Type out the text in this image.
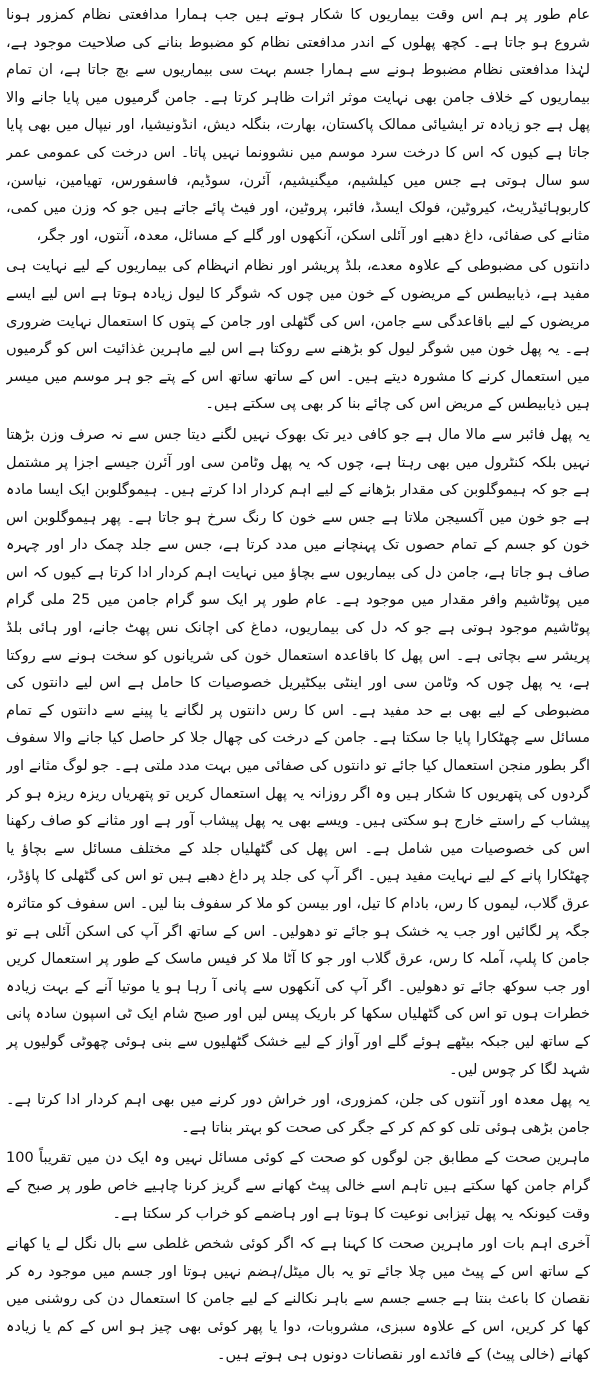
عام طور پر ہم اس وقت بیماریوں کا شکار ہوتے ہیں جب ہمارا مدافعتی نظام کمزور ہونا شروع ہو جاتا ہے۔ کچھ پھلوں کے اندر مدافعتی نظام کو مضبوط بنانے کی صلاحیت موجود ہے، لہٰذا مدافعتی نظام مضبوط ہونے سے ہمارا جسم بہت سی بیماریوں سے بچ جاتا ہے، ان تمام بیماریوں کے خلاف جامن بھی نہایت موثر اثرات ظاہر کرتا ہے۔ جامن گرمیوں میں پایا جانے والا پھل ہے جو زیادہ تر ایشیائی ممالک پاکستان، بھارت، بنگلہ دیش، انڈونیشیا، اور نیپال میں بھی پایا جاتا ہے کیوں کہ اس کا درخت سرد موسم میں نشوونما نہیں پاتا۔ اس درخت کی عمومی عمر سو سال ہوتی ہے جس میں کیلشیم، میگنیشیم، آئرن، سوڈیم، فاسفورس، تھیامین، نیاسن، کاربوہائیڈریٹ، کیروٹین، فولک ایسڈ، فائبر، پروٹین، اور فیٹ پائے جاتے ہیں جو کہ وزن میں کمی، مثانے کی صفائی، داغ دھبے اور آئلی اسکن، آنکھوں اور گلے کے مسائل، معدہ، آنتوں، اور جگر،

دانتوں کی مضبوطی کے علاوہ معدے، بلڈ پریشر اور نظام انہظام کی بیماریوں کے لیے نہایت ہی مفید ہے، ذیابیطس کے مریضوں کے خون میں چوں کہ شوگر کا لیول زیادہ ہوتا ہے اس لیے ایسے مریضوں کے لیے باقاعدگی سے جامن، اس کی گٹھلی اور جامن کے پتوں کا استعمال نہایت ضروری ہے۔ یہ پھل خون میں شوگر لیول کو بڑھنے سے روکتا ہے اس لیے ماہرین غذائیت اس کو گرمیوں میں استعمال کرنے کا مشورہ دیتے ہیں۔ اس کے ساتھ ساتھ اس کے پتے جو ہر موسم میں میسر ہیں ذیابیطس کے مریض اس کی چائے بنا کر بھی پی سکتے ہیں۔

یہ پھل فائبر سے مالا مال ہے جو کافی دیر تک بھوک نہیں لگنے دیتا جس سے نہ صرف وزن بڑھتا نہیں بلکہ کنٹرول میں بھی رہتا ہے، چوں کہ یہ پھل وٹامن سی اور آئرن جیسے اجزا پر مشتمل ہے جو کہ ہیموگلوبن کی مقدار بڑھانے کے لیے اہم کردار ادا کرتے ہیں۔ ہیموگلوبن ایک ایسا مادہ ہے جو خون میں آکسیجن ملاتا ہے جس سے خون کا رنگ سرخ ہو جاتا ہے۔ پھر ہیموگلوبن اس خون کو جسم کے تمام حصوں تک پہنچانے میں مدد کرتا ہے، جس سے جلد چمک دار اور چہرہ صاف ہو جاتا ہے، جامن دل کی بیماریوں سے بچاؤ میں نہایت اہم کردار ادا کرتا ہے کیوں کہ اس میں پوٹاشیم وافر مقدار میں موجود ہے۔ عام طور پر ایک سو گرام جامن میں 25 ملی گرام پوٹاشیم موجود ہوتی ہے جو کہ دل کی بیماریوں، دماغ کی اچانک نس پھٹ جانے، اور ہائی بلڈ پریشر سے بچاتی ہے۔ اس پھل کا باقاعدہ استعمال خون کی شریانوں کو سخت ہونے سے روکتا ہے، یہ پھل چوں کہ وٹامن سی اور اینٹی بیکٹیریل خصوصیات کا حامل ہے اس لیے دانتوں کی مضبوطی کے لیے بھی بے حد مفید ہے۔ اس کا رس دانتوں پر لگانے یا پینے سے دانتوں کے تمام مسائل سے چھٹکارا پایا جا سکتا ہے۔ جامن کے درخت کی چھال جلا کر حاصل کیا جانے والا سفوف اگر بطور منجن استعمال کیا جائے تو دانتوں کی صفائی میں بہت مدد ملتی ہے۔ جو لوگ مثانے اور گردوں کی پتھریوں کا شکار ہیں وہ اگر روزانہ یہ پھل استعمال کریں تو پتھریاں ریزہ ریزہ ہو کر پیشاب کے راستے خارج ہو سکتی ہیں۔ ویسے بھی یہ پھل پیشاب آور ہے اور مثانے کو صاف رکھنا اس کی خصوصیات میں شامل ہے۔ اس پھل کی گٹھلیاں جلد کے مختلف مسائل سے بچاؤ یا چھٹکارا پانے کے لیے نہایت مفید ہیں۔ اگر آپ کی جلد پر داغ دھبے ہیں تو اس کی گٹھلی کا پاؤڈر، عرق گلاب، لیموں کا رس، بادام کا تیل، اور بیسن کو ملا کر سفوف بنا لیں۔ اس سفوف کو متاثرہ جگہ پر لگائیں اور جب یہ خشک ہو جائے تو دھولیں۔ اس کے ساتھ اگر آپ کی اسکن آئلی ہے تو جامن کا پلپ، آملہ کا رس، عرق گلاب اور جو کا آٹا ملا کر فیس ماسک کے طور پر استعمال کریں اور جب سوکھ جائے تو دھولیں۔ اگر آپ کی آنکھوں سے پانی آ رہا ہو یا موتیا آنے کے بہت زیادہ خطرات ہوں تو اس کی گٹھلیاں سکھا کر باریک پیس لیں اور صبح شام ایک ٹی اسپون سادہ پانی کے ساتھ لیں جبکہ بیٹھے ہوئے گلے اور آواز کے لیے خشک گٹھلیوں سے بنی ہوئی چھوٹی گولیوں پر شہد لگا کر چوس لیں۔

یہ پھل معدہ اور آنتوں کی جلن، کمزوری، اور خراش دور کرنے میں بھی اہم کردار ادا کرتا ہے۔ جامن بڑھی ہوئی تلی کو کم کر کے جگر کی صحت کو بہتر بناتا ہے۔

ماہرین صحت کے مطابق جن لوگوں کو صحت کے کوئی مسائل نہیں وہ ایک دن میں تقریباً 100 گرام جامن کھا سکتے ہیں تاہم اسے خالی پیٹ کھانے سے گریز کرنا چاہیے خاص طور پر صبح کے وقت کیونکہ یہ پھل تیزابی نوعیت کا ہوتا ہے اور ہاضمے کو خراب کر سکتا ہے۔

آخری اہم بات اور ماہرین صحت کا کہنا ہے کہ اگر کوئی شخص غلطی سے بال نگل لے یا کھانے کے ساتھ اس کے پیٹ میں چلا جائے تو یہ بال میٹل/ہضم نہیں ہوتا اور جسم میں موجود رہ کر نقصان کا باعث بنتا ہے جسے جسم سے باہر نکالنے کے لیے جامن کا استعمال دن کی روشنی میں کھا کر کریں، اس کے علاوہ سبزی، مشروبات، دوا یا پھر کوئی بھی چیز ہو اس کے کم یا زیادہ کھانے (خالی پیٹ) کے فائدے اور نقصانات دونوں ہی ہوتے ہیں۔
